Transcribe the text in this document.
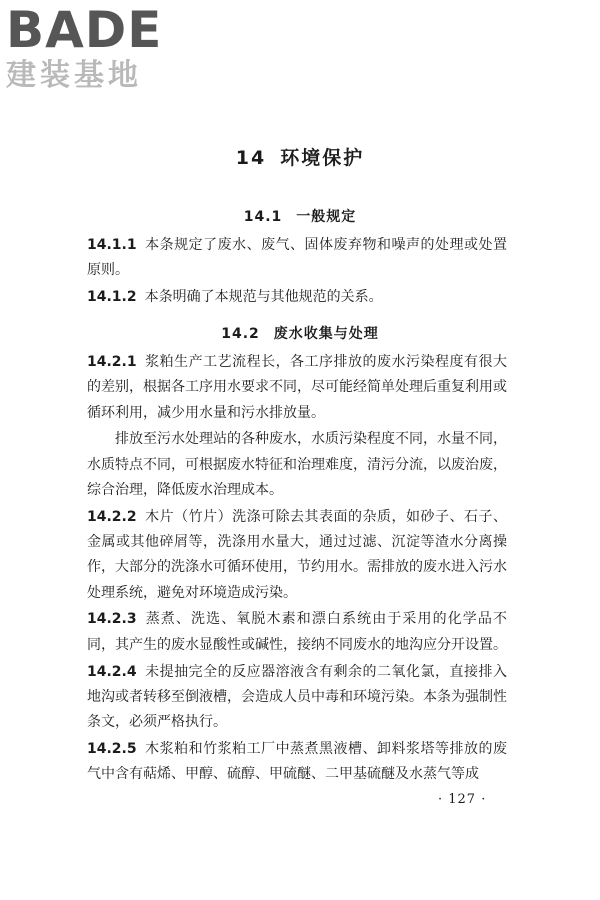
BADE
建装基地
14 环境保护
14.1 一般规定

14.1.1 本条规定了废水、废气、固体废弃物和噪声的处理或处置原则。

14.1.2 本条明确了本规范与其他规范的关系。

14.2 废水收集与处理

14.2.1 浆粕生产工艺流程长，各工序排放的废水污染程度有很大的差别，根据各工序用水要求不同，尽可能经简单处理后重复利用或循环利用，减少用水量和污水排放量。

排放至污水处理站的各种废水，水质污染程度不同，水量不同，水质特点不同，可根据废水特征和治理难度，清污分流，以废治废，综合治理，降低废水治理成本。

14.2.2 木片（竹片）洗涤可除去其表面的杂质，如砂子、石子、金属或其他碎屑等，洗涤用水量大，通过过滤、沉淀等渣水分离操作，大部分的洗涤水可循环使用，节约用水。需排放的废水进入污水处理系统，避免对环境造成污染。

14.2.3 蒸煮、洗选、氧脱木素和漂白系统由于采用的化学品不同，其产生的废水显酸性或碱性，接纳不同废水的地沟应分开设置。

14.2.4 未提抽完全的反应器溶液含有剩余的二氧化氯，直接排入地沟或者转移至倒液槽，会造成人员中毒和环境污染。本条为强制性条文，必须严格执行。

14.2.5 木浆粕和竹浆粕工厂中蒸煮黑液槽、卸料浆塔等排放的废气中含有萜烯、甲醇、硫醇、甲硫醚、二甲基硫醚及水蒸气等成

· 127 ·
